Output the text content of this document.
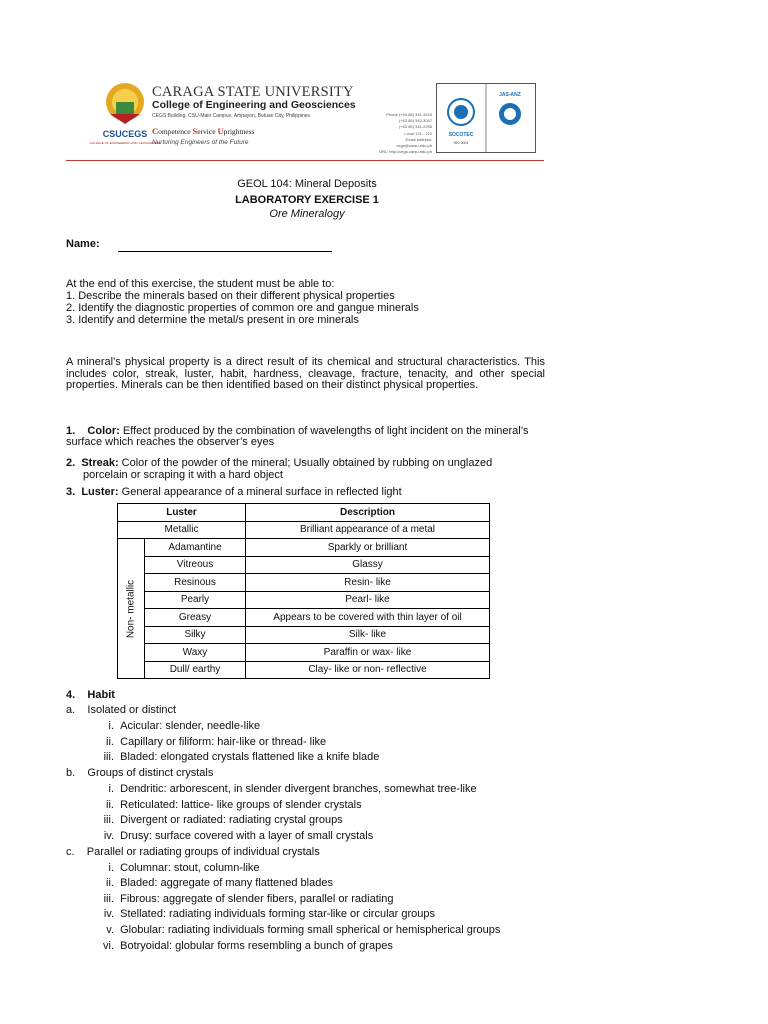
CSUCEGS
COLLEGE OF ENGINEERING AND GEOSCIENCES
CARAGA STATE UNIVERSITY
College of Engineering and Geosciences
CEGS Building, CSU-Main Campus, Ampayon, Butuan City, Philippines
Competence Service Uprightness
Nurturing Engineers of the Future
Phone (+63 85) 341-3249
(+63 85) 342-3047
(+63 85) 341-2296
Local 121 - 122
Email address: cegs@carsu.edu.ph
URL: http://cegs.carsu.edu.ph
SOCOTEC
ISO 9001
JAS-ANZ
GEOL 104: Mineral Deposits
LABORATORY EXERCISE 1
Ore Mineralogy
Name:
At the end of this exercise, the student must be able to:
1. Describe the minerals based on their different physical properties
2. Identify the diagnostic properties of common ore and gangue minerals
3. Identify and determine the metal/s present in ore minerals
A mineral’s physical property is a direct result of its chemical and structural characteristics. This includes color, streak, luster, habit, hardness, cleavage, fracture, tenacity, and other special properties. Minerals can be then identified based on their distinct physical properties.
1. Color: Effect produced by the combination of wavelengths of light incident on the mineral’s
surface which reaches the observer’s eyes
2. Streak: Color of the powder of the mineral; Usually obtained by rubbing on unglazed
porcelain or scraping it with a hard object
3. Luster: General appearance of a mineral surface in reflected light
Luster		Description
Metallic		Brilliant appearance of a metal

Non- metallic	Adamantine	Sparkly or brilliant
	Vitreous	Glassy
	Resinous	Resin- like
	Pearly	Pearl- like
	Greasy	Appears to be covered with thin layer of oil
	Silky	Silk- like
	Waxy	Paraffin or wax- like
	Dull/ earthy	Clay- like or non- reflective
4. Habit
a. Isolated or distinct
i. Acicular: slender, needle-like
ii. Capillary or filiform: hair-like or thread- like
iii. Bladed: elongated crystals flattened like a knife blade
b. Groups of distinct crystals
i. Dendritic: arborescent, in slender divergent branches, somewhat tree-like
ii. Reticulated: lattice- like groups of slender crystals
iii. Divergent or radiated: radiating crystal groups
iv. Drusy: surface covered with a layer of small crystals
c. Parallel or radiating groups of individual crystals
i. Columnar: stout, column-like
ii. Bladed: aggregate of many flattened blades
iii. Fibrous: aggregate of slender fibers, parallel or radiating
iv. Stellated: radiating individuals forming star-like or circular groups
v. Globular: radiating individuals forming small spherical or hemispherical groups
vi. Botryoidal: globular forms resembling a bunch of grapes
